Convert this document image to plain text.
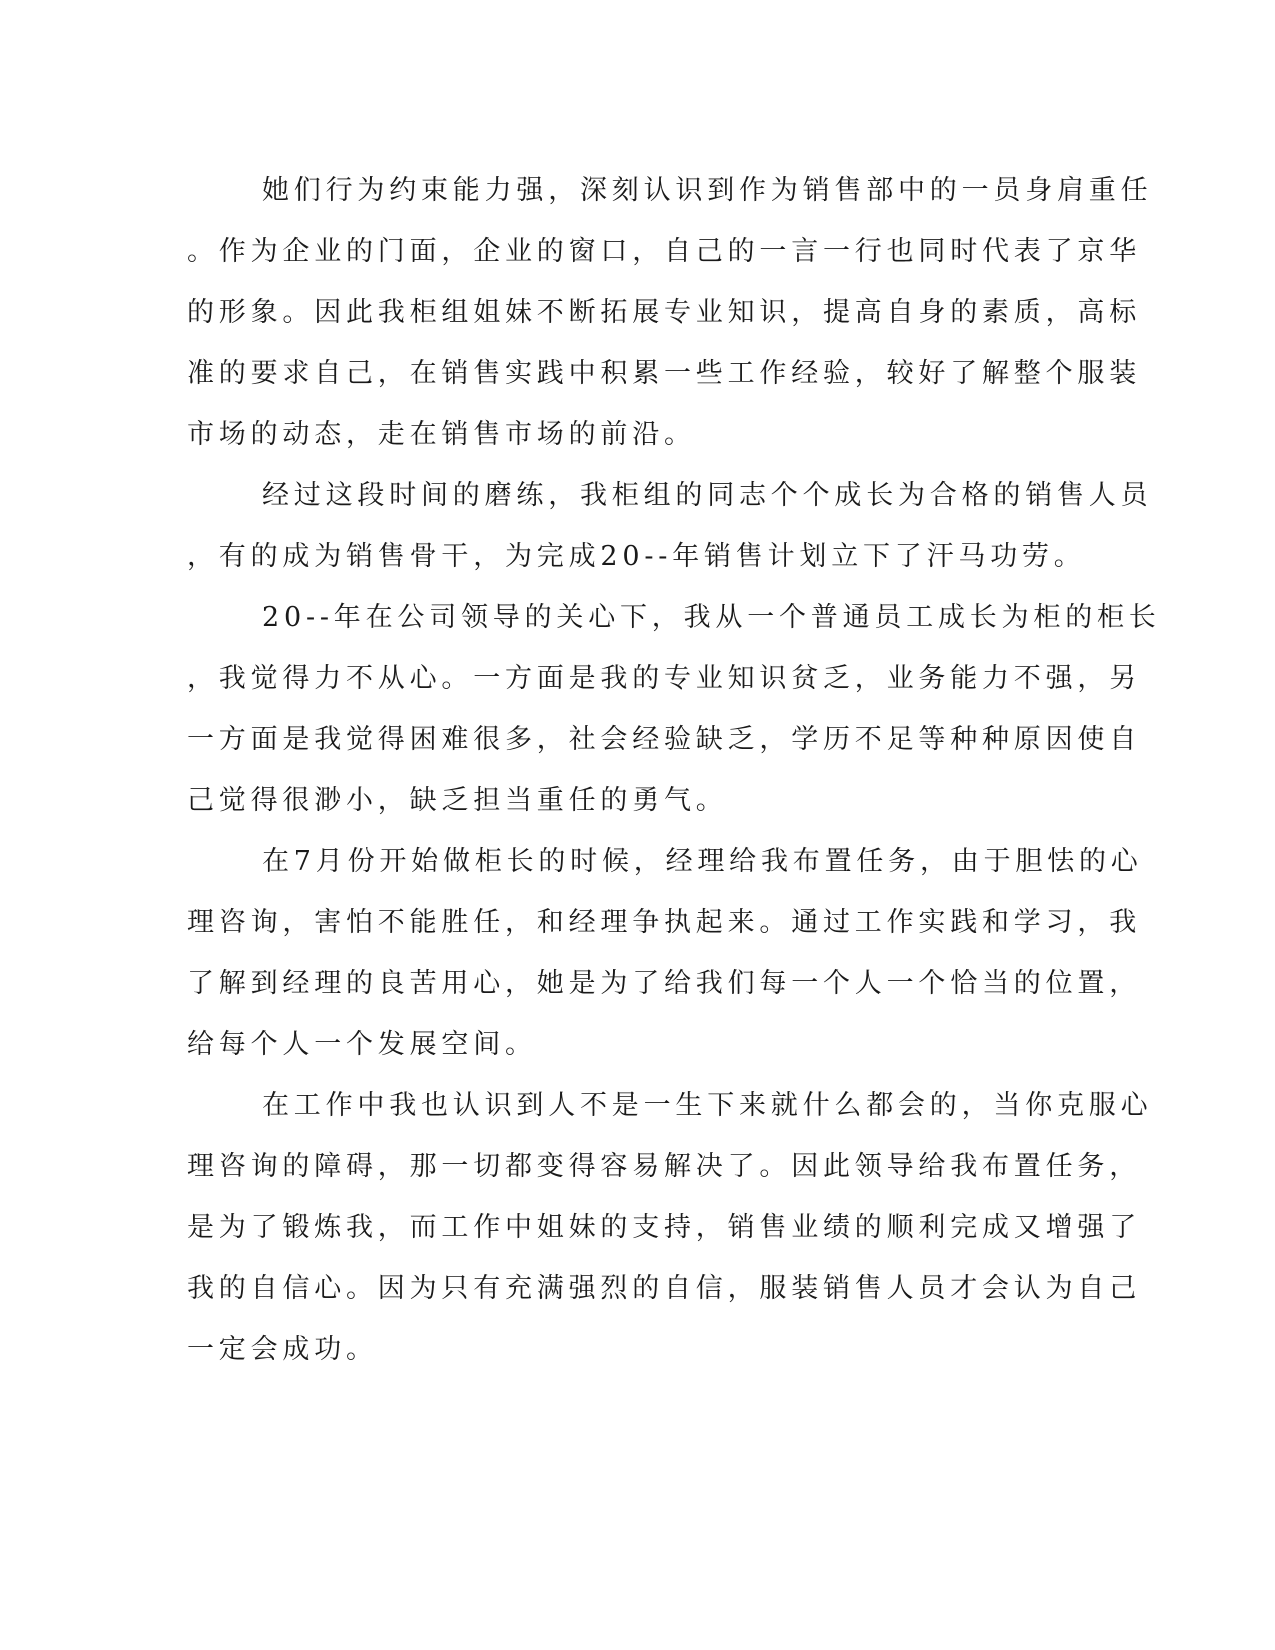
她们行为约束能力强，深刻认识到作为销售部中的一员身肩重任
。作为企业的门面，企业的窗口，自己的一言一行也同时代表了京华
的形象。因此我柜组姐妹不断拓展专业知识，提高自身的素质，高标
准的要求自己，在销售实践中积累一些工作经验，较好了解整个服装
市场的动态，走在销售市场的前沿。
经过这段时间的磨练，我柜组的同志个个成长为合格的销售人员
，有的成为销售骨干，为完成20--年销售计划立下了汗马功劳。
20--年在公司领导的关心下，我从一个普通员工成长为柜的柜长
，我觉得力不从心。一方面是我的专业知识贫乏，业务能力不强，另
一方面是我觉得困难很多，社会经验缺乏，学历不足等种种原因使自
己觉得很渺小，缺乏担当重任的勇气。
在7月份开始做柜长的时候，经理给我布置任务，由于胆怯的心
理咨询，害怕不能胜任，和经理争执起来。通过工作实践和学习，我
了解到经理的良苦用心，她是为了给我们每一个人一个恰当的位置，
给每个人一个发展空间。
在工作中我也认识到人不是一生下来就什么都会的，当你克服心
理咨询的障碍，那一切都变得容易解决了。因此领导给我布置任务，
是为了锻炼我，而工作中姐妹的支持，销售业绩的顺利完成又增强了
我的自信心。因为只有充满强烈的自信，服装销售人员才会认为自己
一定会成功。
